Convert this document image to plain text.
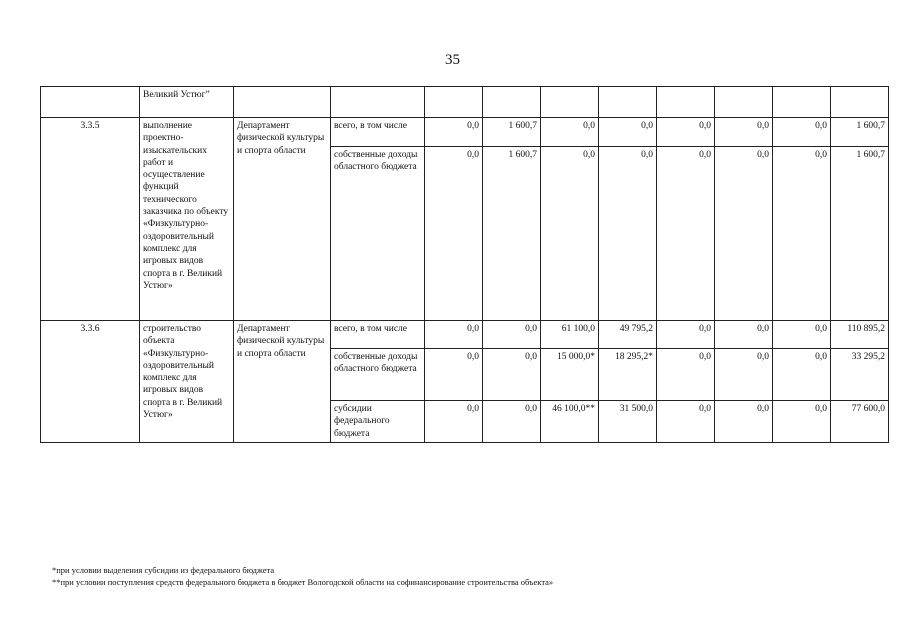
35
	Великий Устюг”										
3.3.5	выполнение проектно-изыскательских работ и осуществление функций технического заказчика по объекту «Физкультурно-оздоровительный комплекс для игровых видов спорта в г. Великий Устюг»	Департамент физической культуры и спорта области	всего, в том числе	0,0	1 600,7	0,0	0,0	0,0	0,0	0,0	1 600,7
			собственные доходы областного бюджета	0,0	1 600,7	0,0	0,0	0,0	0,0	0,0	1 600,7
3.3.6	строительство объекта «Физкультурно-оздоровительный комплекс для игровых видов спорта в г. Великий Устюг»	Департамент физической культуры и спорта области	всего, в том числе	0,0	0,0	61 100,0	49 795,2	0,0	0,0	0,0	110 895,2
			собственные доходы областного бюджета	0,0	0,0	15 000,0*	18 295,2*	0,0	0,0	0,0	33 295,2
			субсидии федерального бюджета	0,0	0,0	46 100,0**	31 500,0	0,0	0,0	0,0	77 600,0
*при условии выделения субсидии из федерального бюджета
**при условии поступления средств федерального бюджета в бюджет Вологодской области на софинансирование строительства объекта»
